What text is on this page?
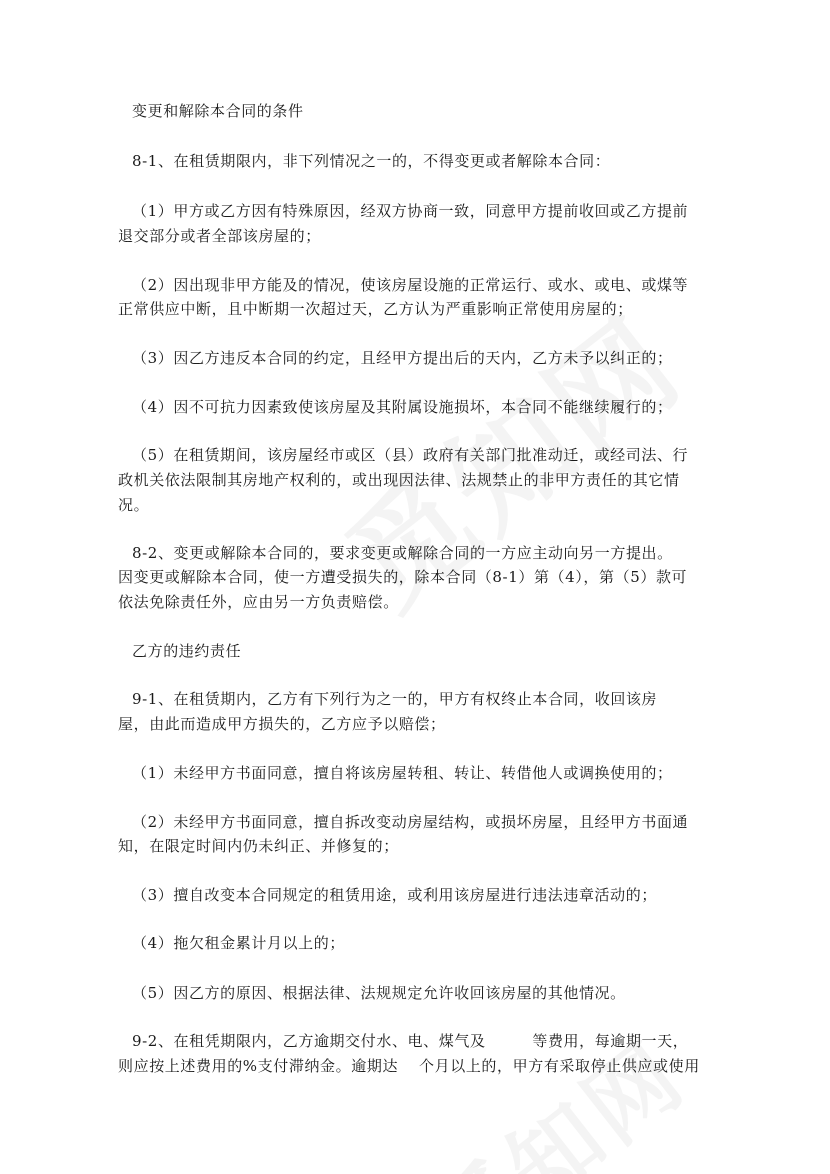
变更和解除本合同的条件
8-1、在租赁期限内，非下列情况之一的，不得变更或者解除本合同：
（1）甲方或乙方因有特殊原因，经双方协商一致，同意甲方提前收回或乙方提前
退交部分或者全部该房屋的；
（2）因出现非甲方能及的情况，使该房屋设施的正常运行、或水、或电、或煤等
正常供应中断，且中断期一次超过天，乙方认为严重影响正常使用房屋的；
（3）因乙方违反本合同的约定，且经甲方提出后的天内，乙方未予以纠正的；
（4）因不可抗力因素致使该房屋及其附属设施损坏，本合同不能继续履行的；
（5）在租赁期间，该房屋经市或区（县）政府有关部门批准动迁，或经司法、行
政机关依法限制其房地产权利的，或出现因法律、法规禁止的非甲方责任的其它情
况。
8-2、变更或解除本合同的，要求变更或解除合同的一方应主动向另一方提出。
因变更或解除本合同，使一方遭受损失的，除本合同（8-1）第（4），第（5）款可
依法免除责任外，应由另一方负责赔偿。
乙方的违约责任
9-1、在租赁期内，乙方有下列行为之一的，甲方有权终止本合同，收回该房
屋，由此而造成甲方损失的，乙方应予以赔偿；
（1）未经甲方书面同意，擅自将该房屋转租、转让、转借他人或调换使用的；
（2）未经甲方书面同意，擅自拆改变动房屋结构，或损坏房屋，且经甲方书面通
知，在限定时间内仍未纠正、并修复的；
（3）擅自改变本合同规定的租赁用途，或利用该房屋进行违法违章活动的；
（4）拖欠租金累计月以上的；
（5）因乙方的原因、根据法律、法规规定允许收回该房屋的其他情况。
9-2、在租凭期限内，乙方逾期交付水、电、煤气及　　　等费用，每逾期一天，
则应按上述费用的%支付滞纳金。逾期达　 个月以上的，甲方有采取停止供应或使用
